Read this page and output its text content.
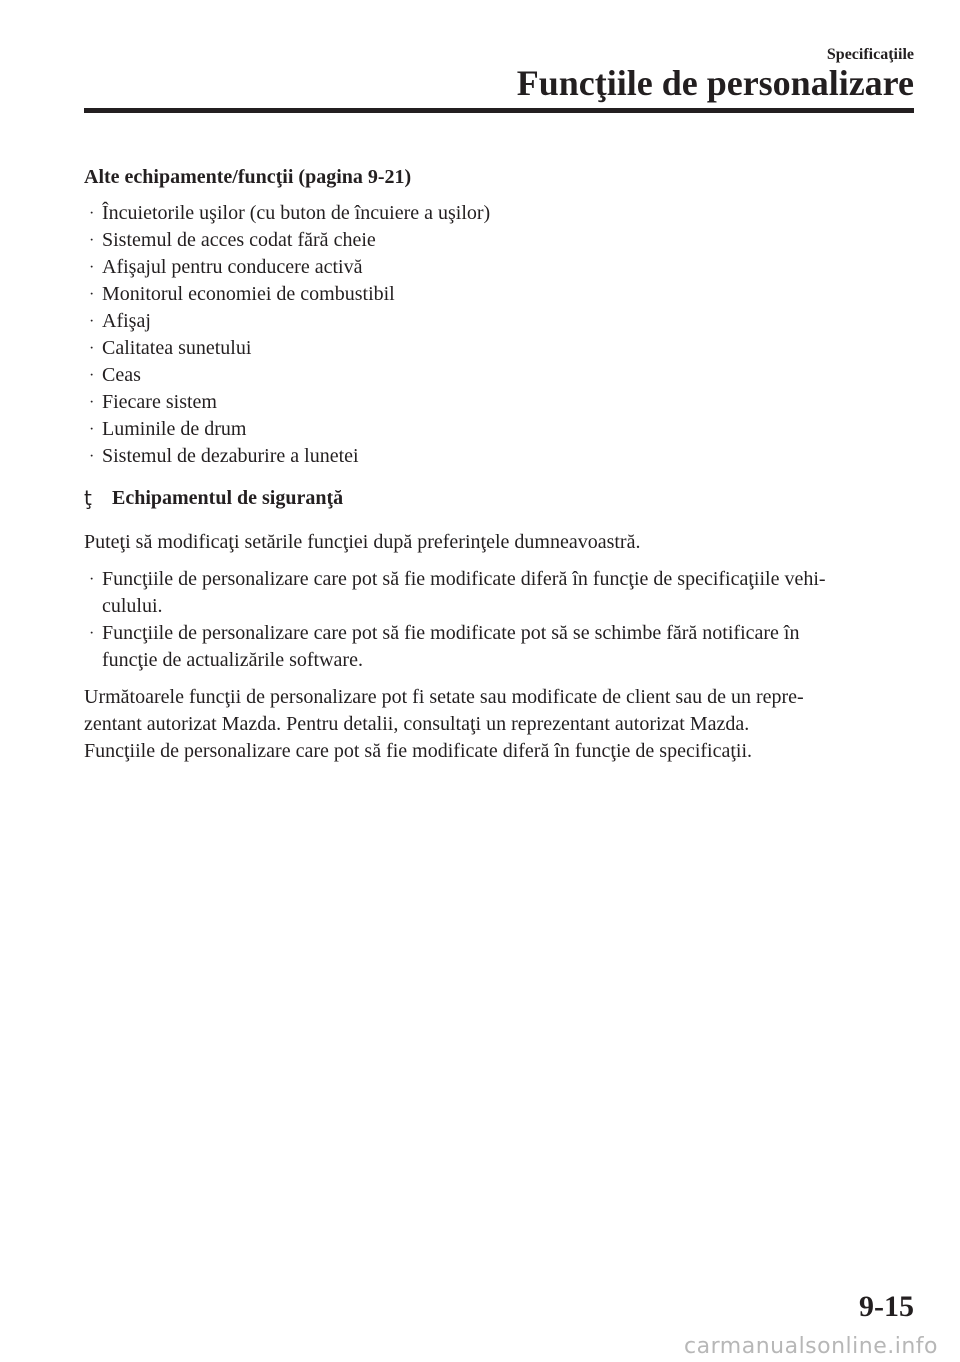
Specificaţiile
Funcţiile de personalizare
Alte echipamente/funcţii (pagina 9-21)
· Încuietorile uşilor (cu buton de încuiere a uşilor)
· Sistemul de acces codat fără cheie
· Afişajul pentru conducere activă
· Monitorul economiei de combustibil
· Afişaj
· Calitatea sunetului
· Ceas
· Fiecare sistem
· Luminile de drum
· Sistemul de dezaburire a lunetei
ţ Echipamentul de siguranţă
Puteţi să modificaţi setările funcţiei după preferinţele dumneavoastră.
· Funcţiile de personalizare care pot să fie modificate diferă în funcţie de specificaţiile vehi-
culului.
· Funcţiile de personalizare care pot să fie modificate pot să se schimbe fără notificare în
funcţie de actualizările software.
Următoarele funcţii de personalizare pot fi setate sau modificate de client sau de un repre-
zentant autorizat Mazda. Pentru detalii, consultaţi un reprezentant autorizat Mazda.
Funcţiile de personalizare care pot să fie modificate diferă în funcţie de specificaţii.
9-15
carmanualsonline.info
